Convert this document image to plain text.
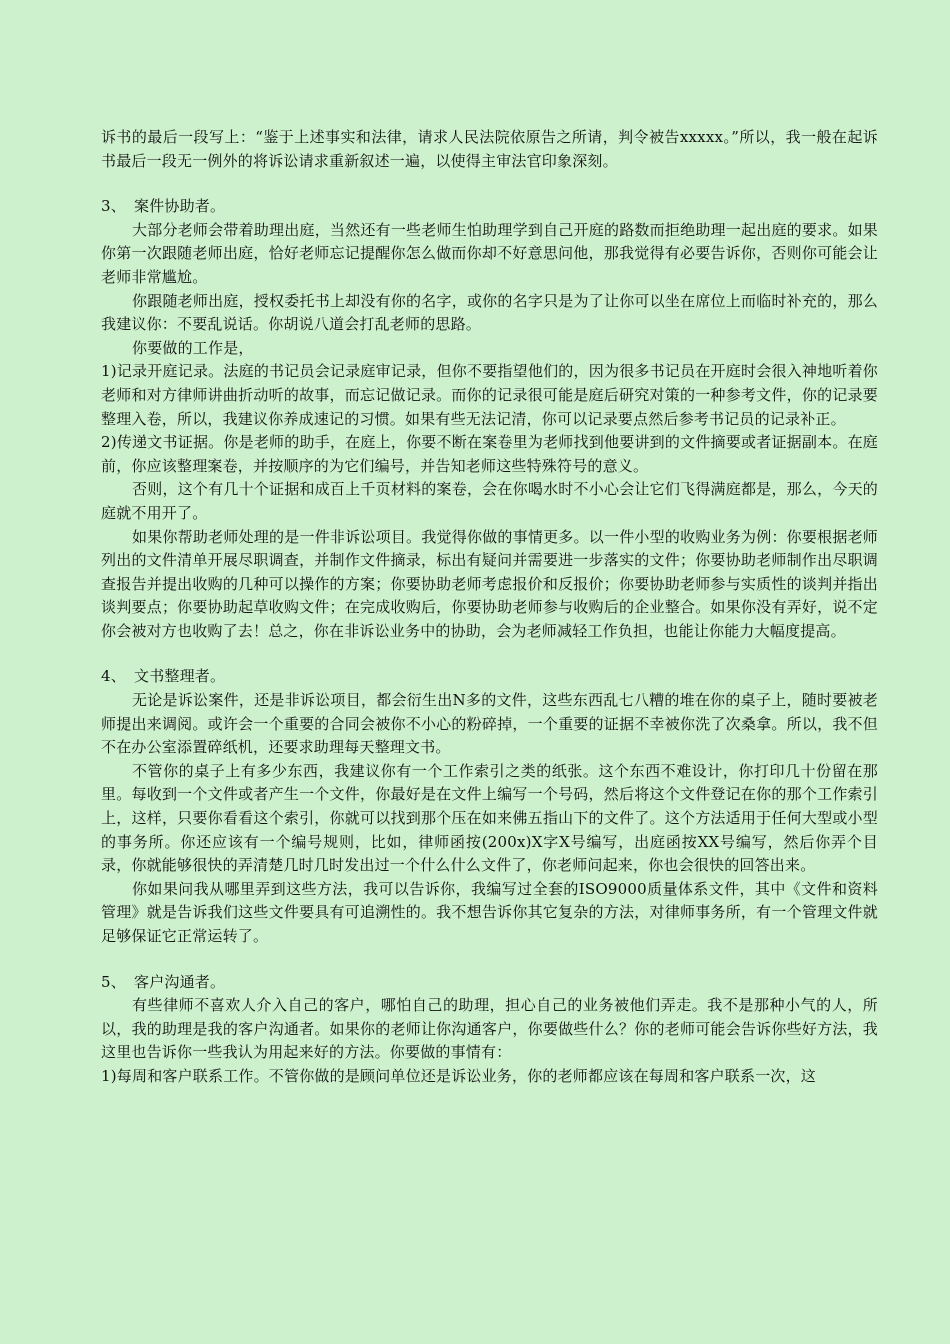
诉书的最后一段写上：“鉴于上述事实和法律，请求人民法院依原告之所请，判令被告xxxxx。”所以，我一般在起诉书最后一段无一例外的将诉讼请求重新叙述一遍，以使得主审法官印象深刻。

3、 案件协助者。

大部分老师会带着助理出庭，当然还有一些老师生怕助理学到自己开庭的路数而拒绝助理一起出庭的要求。如果你第一次跟随老师出庭，恰好老师忘记提醒你怎么做而你却不好意思问他，那我觉得有必要告诉你，否则你可能会让老师非常尴尬。

你跟随老师出庭，授权委托书上却没有你的名字，或你的名字只是为了让你可以坐在席位上而临时补充的，那么我建议你：不要乱说话。你胡说八道会打乱老师的思路。

你要做的工作是，

1)记录开庭记录。法庭的书记员会记录庭审记录，但你不要指望他们的，因为很多书记员在开庭时会很入神地听着你老师和对方律师讲曲折动听的故事，而忘记做记录。而你的记录很可能是庭后研究对策的一种参考文件，你的记录要整理入卷，所以，我建议你养成速记的习惯。如果有些无法记清，你可以记录要点然后参考书记员的记录补正。

2)传递文书证据。你是老师的助手，在庭上，你要不断在案卷里为老师找到他要讲到的文件摘要或者证据副本。在庭前，你应该整理案卷，并按顺序的为它们编号，并告知老师这些特殊符号的意义。

否则，这个有几十个证据和成百上千页材料的案卷，会在你喝水时不小心会让它们飞得满庭都是，那么，今天的庭就不用开了。

如果你帮助老师处理的是一件非诉讼项目。我觉得你做的事情更多。以一件小型的收购业务为例：你要根据老师列出的文件清单开展尽职调查，并制作文件摘录，标出有疑问并需要进一步落实的文件；你要协助老师制作出尽职调查报告并提出收购的几种可以操作的方案；你要协助老师考虑报价和反报价；你要协助老师参与实质性的谈判并指出谈判要点；你要协助起草收购文件；在完成收购后，你要协助老师参与收购后的企业整合。如果你没有弄好，说不定你会被对方也收购了去！总之，你在非诉讼业务中的协助，会为老师减轻工作负担，也能让你能力大幅度提高。

4、 文书整理者。

无论是诉讼案件，还是非诉讼项目，都会衍生出N多的文件，这些东西乱七八糟的堆在你的桌子上，随时要被老师提出来调阅。或许会一个重要的合同会被你不小心的粉碎掉，一个重要的证据不幸被你洗了次桑拿。所以，我不但不在办公室添置碎纸机，还要求助理每天整理文书。

不管你的桌子上有多少东西，我建议你有一个工作索引之类的纸张。这个东西不难设计，你打印几十份留在那里。每收到一个文件或者产生一个文件，你最好是在文件上编写一个号码，然后将这个文件登记在你的那个工作索引上，这样，只要你看看这个索引，你就可以找到那个压在如来佛五指山下的文件了。这个方法适用于任何大型或小型的事务所。你还应该有一个编号规则，比如，律师函按(200x)X字X号编写，出庭函按XX号编写，然后你弄个目录，你就能够很快的弄清楚几时几时发出过一个什么什么文件了，你老师问起来，你也会很快的回答出来。

你如果问我从哪里弄到这些方法，我可以告诉你，我编写过全套的ISO9000质量体系文件，其中《文件和资料管理》就是告诉我们这些文件要具有可追溯性的。我不想告诉你其它复杂的方法，对律师事务所，有一个管理文件就足够保证它正常运转了。

5、 客户沟通者。

有些律师不喜欢人介入自己的客户，哪怕自己的助理，担心自己的业务被他们弄走。我不是那种小气的人，所以，我的助理是我的客户沟通者。如果你的老师让你沟通客户，你要做些什么？你的老师可能会告诉你些好方法，我这里也告诉你一些我认为用起来好的方法。你要做的事情有：

1)每周和客户联系工作。不管你做的是顾问单位还是诉讼业务，你的老师都应该在每周和客户联系一次，这
